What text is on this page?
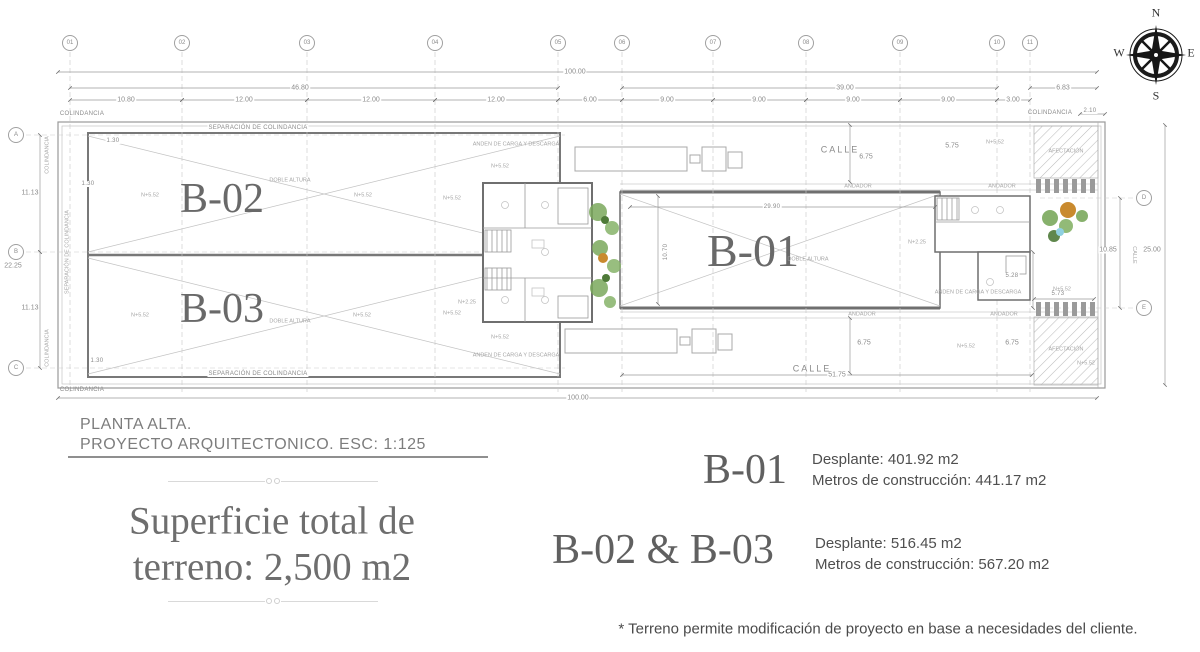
01	02	03	04	05	06	07	08	09	10	11
A
B
C
D
E
100.00
46.80	39.00	6.83
10.80	12.00	12.00	12.00	6.00	9.00	9.00	9.00	9.00	3.00
2.10
11.13
11.13
22.25
10.85	25.00
5.73
51.75
100.00
29.90
10.70
5.28
6.75
5.75
6.75	6.75
1.30
1.30
1.30
B-02
B-03
B-01
DOBLE ALTURA
DOBLE ALTURA
DOBLE ALTURA
COLINDANCIA
COLINDANCIA
COLINDANCIA
COLINDANCIA
COLINDANCIA
SEPARACIÓN DE COLINDANCIA
SEPARACIÓN DE COLINDANCIA
SEPARACIÓN DE COLINDANCIA
ANDEN DE CARGA Y DESCARGA
ANDEN DE CARGA Y DESCARGA
ANDEN DE CARGA Y DESCARGA
CALLE
CALLE
CALLE
ANDADOR	ANDADOR
ANDADOR	ANDADOR
AFECTACIÓN
AFECTACIÓN
N+5.52	N+5.52
N+5.52	N+5.52
N+5.52
N+5.52
N+5.52
N+5.52
N+5.52
N+5.52
N+5.52
N+5.52
N+2.25
N+2.25
N
S
W	E
PLANTA ALTA.
PROYECTO ARQUITECTONICO. ESC: 1:125
Superficie total de
terreno: 2,500 m2
B-01 Desplante: 401.92 m2
Metros de construcción: 441.17 m2
B-02 & B-03	Desplante: 516.45 m2
Metros de construcción: 567.20 m2
* Terreno permite modificación de proyecto en base a necesidades del cliente.
